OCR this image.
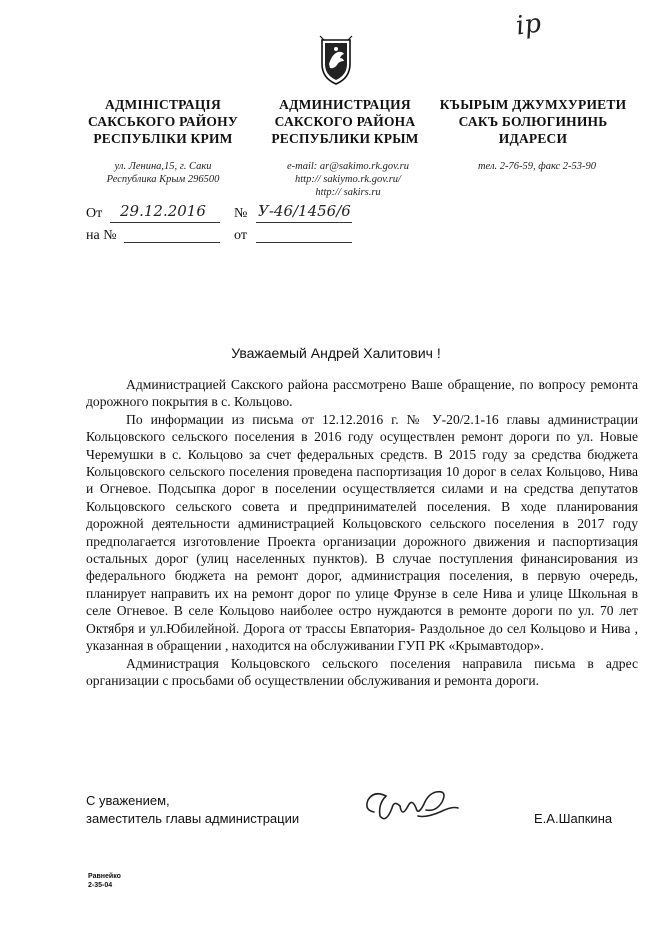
ip
АДМІНІСТРАЦІЯ
САКСЬКОГО РАЙОНУ
РЕСПУБЛІКИ КРИМ
АДМИНИСТРАЦИЯ
САКСКОГО РАЙОНА
РЕСПУБЛИКИ КРЫМ
КЪЫРЫМ ДЖУМХУРИЕТИ
САКЪ БОЛЮГИНИНЬ
ИДАРЕСИ
ул. Ленина,15, г. Саки
Республика Крым 296500
e-mail: ar@sakimo.rk.gov.ru
http:// sakiymo.rk.gov.ru/
http:// sakirs.ru
тел. 2-76-59, факс 2-53-90
От 29.12.2016 № У-46/1456/6
на №	от
Уважаемый Андрей Халитович !

Администрацией Сакского района рассмотрено Ваше обращение, по вопросу ремонта дорожного покрытия в с. Кольцово.

По информации из письма от 12.12.2016 г. № У-20/2.1-16 главы администрации Кольцовского сельского поселения в 2016 году осуществлен ремонт дороги по ул. Новые Черемушки в с. Кольцово за счет федеральных средств. В 2015 году за средства бюджета Кольцовского сельского поселения проведена паспортизация 10 дорог в селах Кольцово, Нива и Огневое. Подсыпка дорог в поселении осуществляется силами и на средства депутатов Кольцовского сельского совета и предпринимателей поселения. В ходе планирования дорожной деятельности администрацией Кольцовского сельского поселения в 2017 году предполагается изготовление Проекта организации дорожного движения и паспортизация остальных дорог (улиц населенных пунктов). В случае поступления финансирования из федерального бюджета на ремонт дорог, администрация поселения, в первую очередь, планирует направить их на ремонт дорог по улице Фрунзе в селе Нива и улице Школьная в селе Огневое. В селе Кольцово наиболее остро нуждаются в ремонте дороги по ул. 70 лет Октября и ул.Юбилейной. Дорога от трассы Евпатория- Раздольное до сел Кольцово и Нива , указанная в обращении , находится на обслуживании ГУП РК «Крымавтодор».

Администрация Кольцовского сельского поселения направила письма в адрес организации с просьбами об осуществлении обслуживания и ремонта дороги.

С уважением,
заместитель главы администрации	Е.А.Шапкина
Равнейко
2-35-04
